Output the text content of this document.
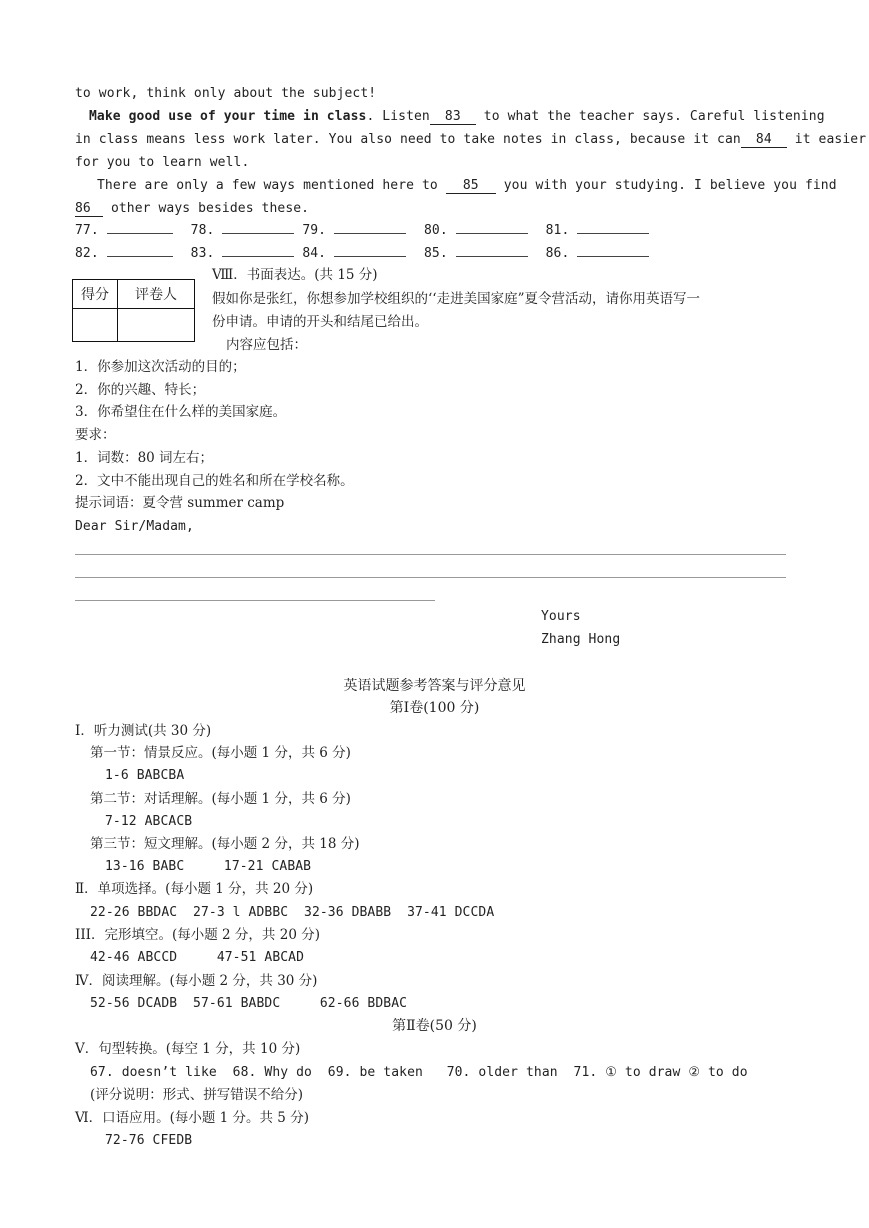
to work, think only about the subject!
Make good use of your time in class. Listen 83 to what the teacher says. Careful listening
in class means less work later. You also need to take notes in class, because it can 84 it easier
for you to learn well.
There are only a few ways mentioned here to 85 you with your studying. I believe you find
86 other ways besides these.
77.	78.	79.	80.	81.
82.	83.	84.	85.	86.
得分	评卷人

Ⅷ．书面表达。(共 15 分)
假如你是张红，你想参加学校组织的‘‘走进美国家庭”夏令营活动，请你用英语写一
份申请。申请的开头和结尾已给出。
内容应包括：
1．你参加这次活动的目的；
2．你的兴趣、特长；
3．你希望住在什么样的美国家庭。
要求：
1．词数：80 词左右；
2．文中不能出现自己的姓名和所在学校名称。
提示词语：夏令营 summer camp
Dear Sir/Madam,
Yours
Zhang Hong
英语试题参考答案与评分意见
第Ⅰ卷(100 分)
I．听力测试(共 30 分)
第一节：情景反应。(每小题 1 分，共 6 分)
1-6 BABCBA
第二节：对话理解。(每小题 1 分，共 6 分)
7-12 ABCACB
第三节：短文理解。(每小题 2 分，共 18 分)
13-16 BABC     17-21 CABAB
Ⅱ．单项选择。(每小题 1 分，共 20 分)
22-26 BBDAC  27-3 l ADBBC  32-36 DBABB  37-41 DCCDA
III．完形填空。(每小题 2 分，共 20 分)
42-46 ABCCD     47-51 ABCAD
Ⅳ．阅读理解。(每小题 2 分，共 30 分)
52-56 DCADB  57-61 BABDC     62-66 BDBAC
第Ⅱ卷(50 分)
V．句型转换。(每空 1 分，共 10 分)
67. doesn’t like  68. Why do  69. be taken   70. older than  71. ① to draw ② to do
(评分说明：形式、拼写错误不给分)
Ⅵ．口语应用。(每小题 1 分。共 5 分)
72-76 CFEDB
